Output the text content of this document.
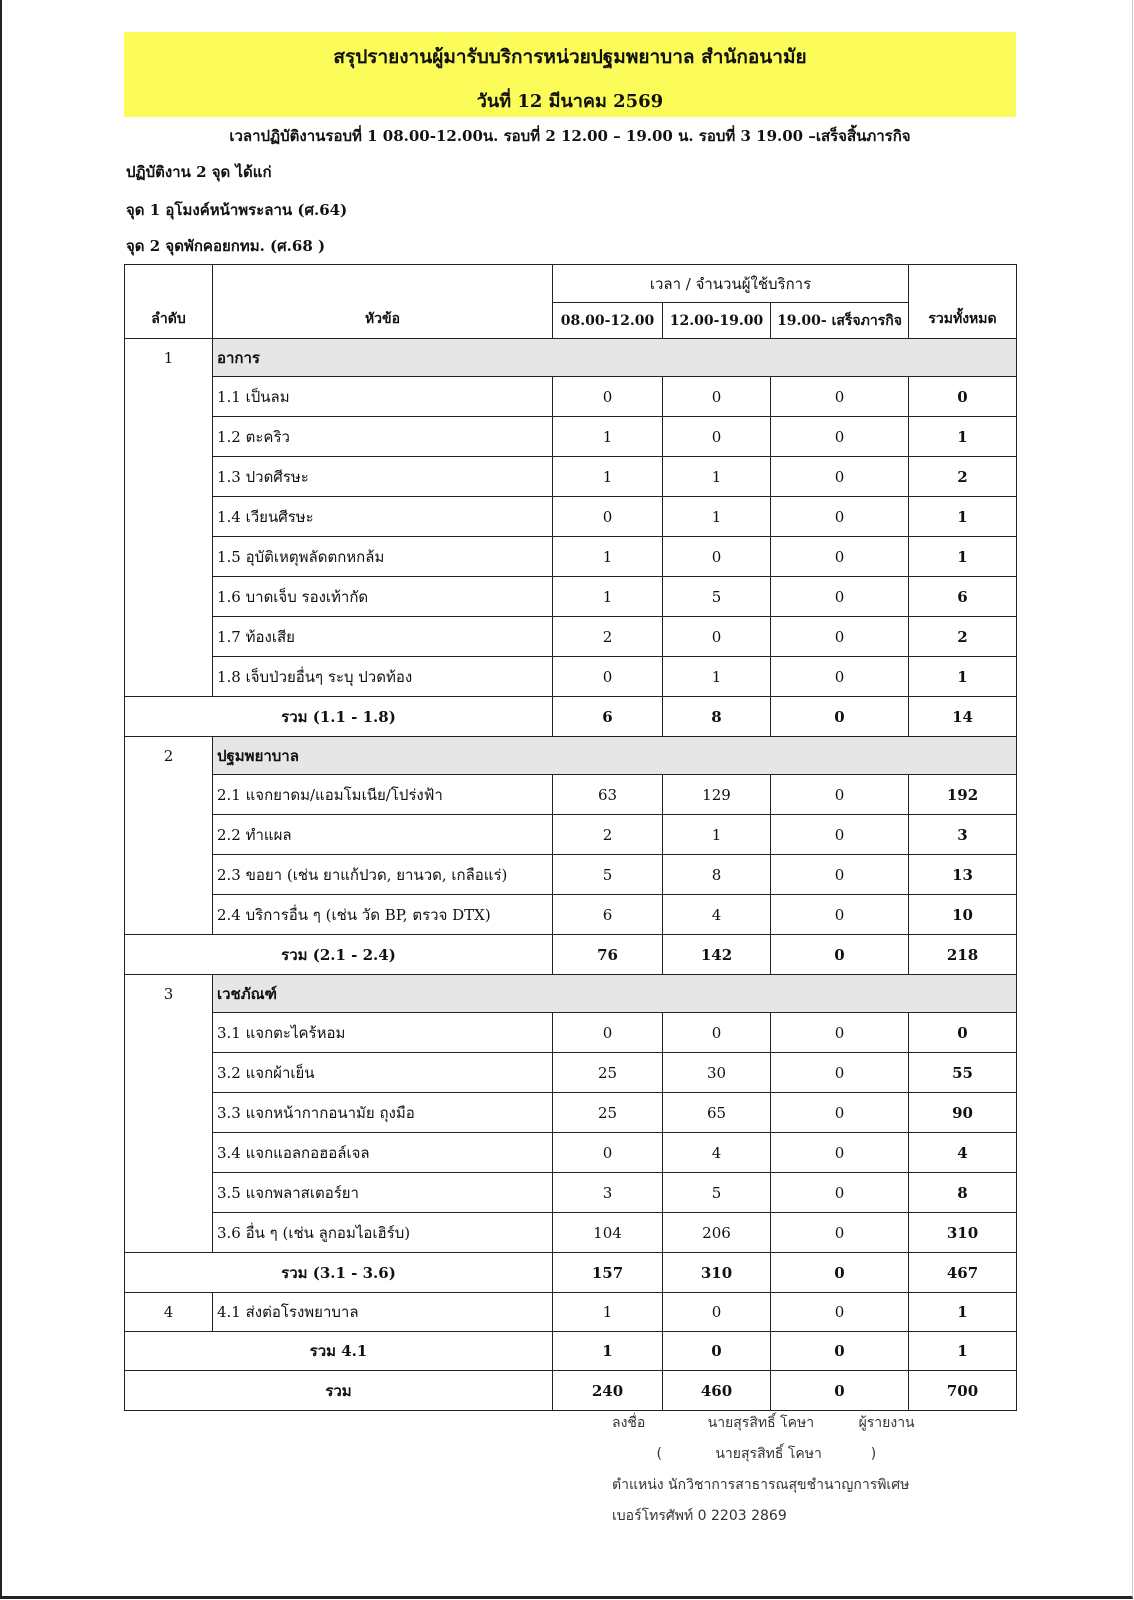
สรุปรายงานผู้มารับบริการหน่วยปฐมพยาบาล สำนักอนามัย
วันที่ 12 มีนาคม 2569
เวลาปฏิบัติงานรอบที่ 1 08.00-12.00น. รอบที่ 2 12.00 – 19.00 น. รอบที่ 3 19.00 –เสร็จสิ้นภารกิจ
ปฏิบัติงาน 2 จุด ได้แก่
จุด 1 อุโมงค์หน้าพระลาน (ศ.64)
จุด 2 จุดพักคอยกทม. (ศ.68 )
ลำดับ	หัวข้อ	เวลา / จำนวนผู้ใช้บริการ			รวมทั้งหมด
		08.00-12.00	12.00-19.00	19.00- เสร็จภารกิจ	
1	อาการ				
	1.1 เป็นลม	0	0	0	0
	1.2 ตะคริว	1	0	0	1
	1.3 ปวดศีรษะ	1	1	0	2
	1.4 เวียนศีรษะ	0	1	0	1
	1.5 อุบัติเหตุพลัดตกหกล้ม	1	0	0	1
	1.6 บาดเจ็บ รองเท้ากัด	1	5	0	6
	1.7 ท้องเสีย	2	0	0	2
	1.8 เจ็บป่วยอื่นๆ ระบุ ปวดท้อง	0	1	0	1
รวม (1.1 - 1.8)		6	8	0	14
2	ปฐมพยาบาล				
	2.1 แจกยาดม/แอมโมเนีย/โปร่งฟ้า	63	129	0	192
	2.2 ทำแผล	2	1	0	3
	2.3 ขอยา (เช่น ยาแก้ปวด, ยานวด, เกลือแร่)	5	8	0	13
	2.4 บริการอื่น ๆ (เช่น วัด BP, ตรวจ DTX)	6	4	0	10
รวม (2.1 - 2.4)		76	142	0	218
3	เวชภัณฑ์				
	3.1 แจกตะไคร้หอม	0	0	0	0
	3.2 แจกผ้าเย็น	25	30	0	55
	3.3 แจกหน้ากากอนามัย ถุงมือ	25	65	0	90
	3.4 แจกแอลกอฮอล์เจล	0	4	0	4
	3.5 แจกพลาสเตอร์ยา	3	5	0	8
	3.6 อื่น ๆ (เช่น ลูกอมไอเฮิร์บ)	104	206	0	310
รวม (3.1 - 3.6)		157	310	0	467
4	4.1 ส่งต่อโรงพยาบาล	1	0	0	1
รวม 4.1		1	0	0	1
รวม		240	460	0	700
ลงชื่อ              นายสุรสิทธิ์ โคษา          ผู้รายงาน
(            นายสุรสิทธิ์ โคษา           )
ตำแหน่ง นักวิชาการสาธารณสุขชำนาญการพิเศษ
เบอร์โทรศัพท์ 0 2203 2869
